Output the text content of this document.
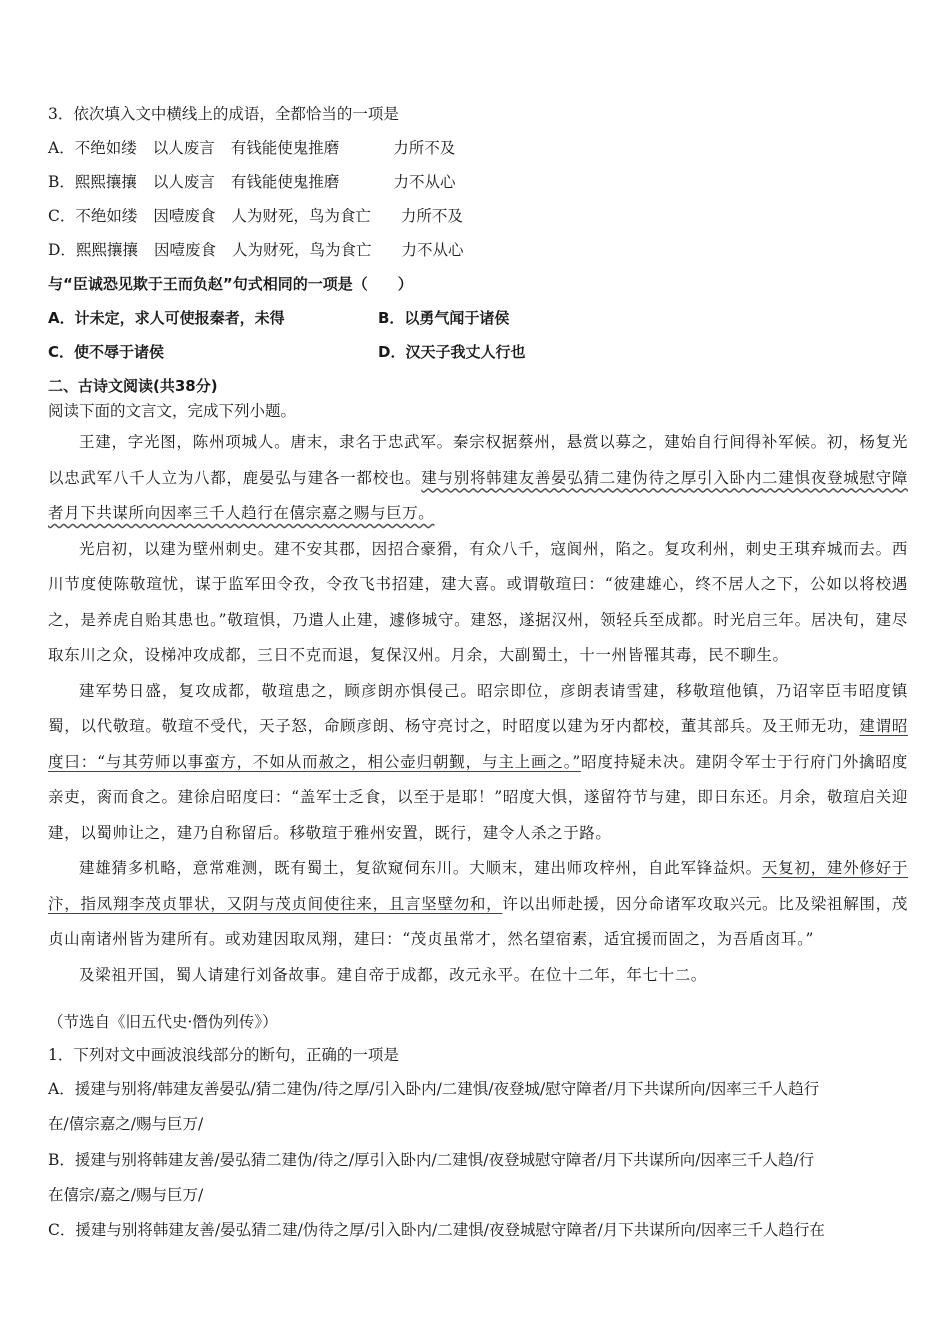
3．依次填入文中横线上的成语，全都恰当的一项是
A．不绝如缕 以人废言 有钱能使鬼推磨	力所不及
B．熙熙攘攘 以人废言 有钱能使鬼推磨	力不从心
C．不绝如缕 因噎废食 人为财死，鸟为食亡 力所不及
D．熙熙攘攘 因噎废食 人为财死，鸟为食亡 力不从心
与“臣诚恐见欺于王而负赵”句式相同的一项是（　　）
A．计未定，求人可使报秦者，未得	B．以勇气闻于诸侯
C．使不辱于诸侯	D．汉天子我丈人行也
二、古诗文阅读(共38分)
阅读下面的文言文，完成下列小题。

王建，字光图，陈州项城人。唐末，隶名于忠武军。秦宗权据蔡州，悬赏以募之，建始自行间得补军候。初，杨复光以忠武军八千人立为八都，鹿晏弘与建各一都校也。建与别将韩建友善晏弘猜二建伪待之厚引入卧内二建惧夜登城慰守障者月下共谋所向因率三千人趋行在僖宗嘉之赐与巨万。

光启初，以建为壁州刺史。建不安其郡，因招合豪猾，有众八千，寇阆州，陷之。复攻利州，刺史王琪弃城而去。西川节度使陈敬瑄忧，谋于监军田令孜，令孜飞书招建，建大喜。或谓敬瑄曰：“彼建雄心，终不居人之下，公如以将校遇之，是养虎自贻其患也。”敬瑄惧，乃遣人止建，遽修城守。建怒，遂据汉州，领轻兵至成都。时光启三年。居决旬，建尽取东川之众，设梯冲攻成都，三日不克而退，复保汉州。月余，大副蜀土，十一州皆罹其毒，民不聊生。

建军势日盛，复攻成都，敬瑄患之，顾彦朗亦惧侵己。昭宗即位，彦朗表请雪建，移敬瑄他镇，乃诏宰臣韦昭度镇蜀，以代敬瑄。敬瑄不受代，天子怒，命顾彦朗、杨守亮讨之，时昭度以建为牙内都校，董其部兵。及王师无功，建谓昭度曰：“与其劳师以事蛮方，不如从而赦之，相公壶归朝觐，与主上画之。”昭度持疑未决。建阴令军士于行府门外擒昭度亲吏，脔而食之。建徐启昭度曰：“盖军士乏食，以至于是耶！”昭度大惧，遂留符节与建，即日东还。月余，敬瑄启关迎建，以蜀帅让之，建乃自称留后。移敬瑄于雅州安置，既行，建令人杀之于路。

建雄猜多机略，意常难测，既有蜀土，复欲窥伺东川。大顺末，建出师攻梓州，自此军锋益炽。天复初，建外修好于汴，指凤翔李茂贞罪状，又阴与茂贞间使往来，且言坚壁勿和，许以出师赴援，因分命诸军攻取兴元。比及梁祖解围，茂贞山南诸州皆为建所有。或劝建因取凤翔，建曰：“茂贞虽常才，然名望宿素，适宜援而固之，为吾盾卤耳。”

及梁祖开国，蜀人请建行刘备故事。建自帝于成都，改元永平。在位十二年，年七十二。

（节选自《旧五代史·僭伪列传》）
1．下列对文中画波浪线部分的断句，正确的一项是
A．援建与别将/韩建友善晏弘/猜二建伪/待之厚/引入卧内/二建惧/夜登城/慰守障者/月下共谋所向/因率三千人趋行
在/僖宗嘉之/赐与巨万/
B．援建与别将韩建友善/晏弘猜二建伪/待之/厚引入卧内/二建惧/夜登城慰守障者/月下共谋所向/因率三千人趋/行
在僖宗/嘉之/赐与巨万/
C．援建与别将韩建友善/晏弘猜二建/伪待之厚/引入卧内/二建惧/夜登城慰守障者/月下共谋所向/因率三千人趋行在
